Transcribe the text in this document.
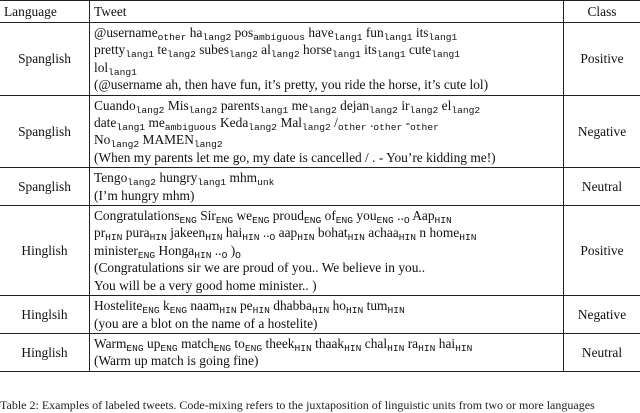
Language	Tweet	Class
Spanglish	@username$_{other}$ $ha_{lang2}$ pos$_{ambiguous}$ have$_{lang1}$ fun$_{lang1}$ its$_{lang1}$
pretty$_{lang1}$ $te_{lang2}$ subes$_{lang2}$ $al_{lang2}$ horse$_{lang1}$ its$_{lang1}$ cute$_{lang1}$
lol$_{lang1}$
(@username ah, then have fun, it’s pretty, you ride the horse, it’s cute lol)	Positive
Spanglish	Cuando$_{lang2}$ Mis$_{lang2}$ parents$_{lang1}$ $me_{lang2}$ dejan$_{lang2}$ $ir_{lang2}$ $el_{lang2}$
date$_{lang1}$ $me_{ambiguous}$ Keda$_{lang2}$ Mal$_{lang2}$ $/_{other}$ $._{other}$ $-_{other}$
$No_{lang2}$ $MAMEN_{lang2}$
(When my parents let me go, my date is cancelled / . - You’re kidding me!)	Negative
Spanglish	Tengo$_{lang2}$ hungry$_{lang1}$ mhm$_{unk}$
(I’m hungry mhm)	Neutral
Hinglish	Congratulations$_{ENG}$ Sir$_{ENG}$ $we_{ENG}$ proud$_{ENG}$ $of_{ENG}$ you$_{ENG}$ $.._O$ Aap$_{HIN}$
$pr_{HIN}$ pura$_{HIN}$ jakeen$_{HIN}$ hai$_{HIN}$ $.._O$ aap$_{HIN}$ bohat$_{HIN}$ achaa$_{HIN}$ n home$_{HIN}$
minister$_{ENG}$ Honga$_{HIN}$ $.._O$ )$_O$
(Congratulations sir we are proud of you.. We believe in you..
You will be a very good home minister.. )	Positive
Hinglsih	Hostelite$_{ENG}$ $k_{ENG}$ naam$_{HIN}$ $pe_{HIN}$ dhabba$_{HIN}$ $ho_{HIN}$ tum$_{HIN}$
(you are a blot on the name of a hostelite)	Negative
Hinglish	Warm$_{ENG}$ $up_{ENG}$ match$_{ENG}$ $to_{ENG}$ theek$_{HIN}$ thaak$_{HIN}$ chal$_{HIN}$ $ra_{HIN}$ hai$_{HIN}$
(Warm up match is going fine)	Neutral
Table 2: Examples of labeled tweets. Code-mixing refers to the juxtaposition of linguistic units from two or more languages
